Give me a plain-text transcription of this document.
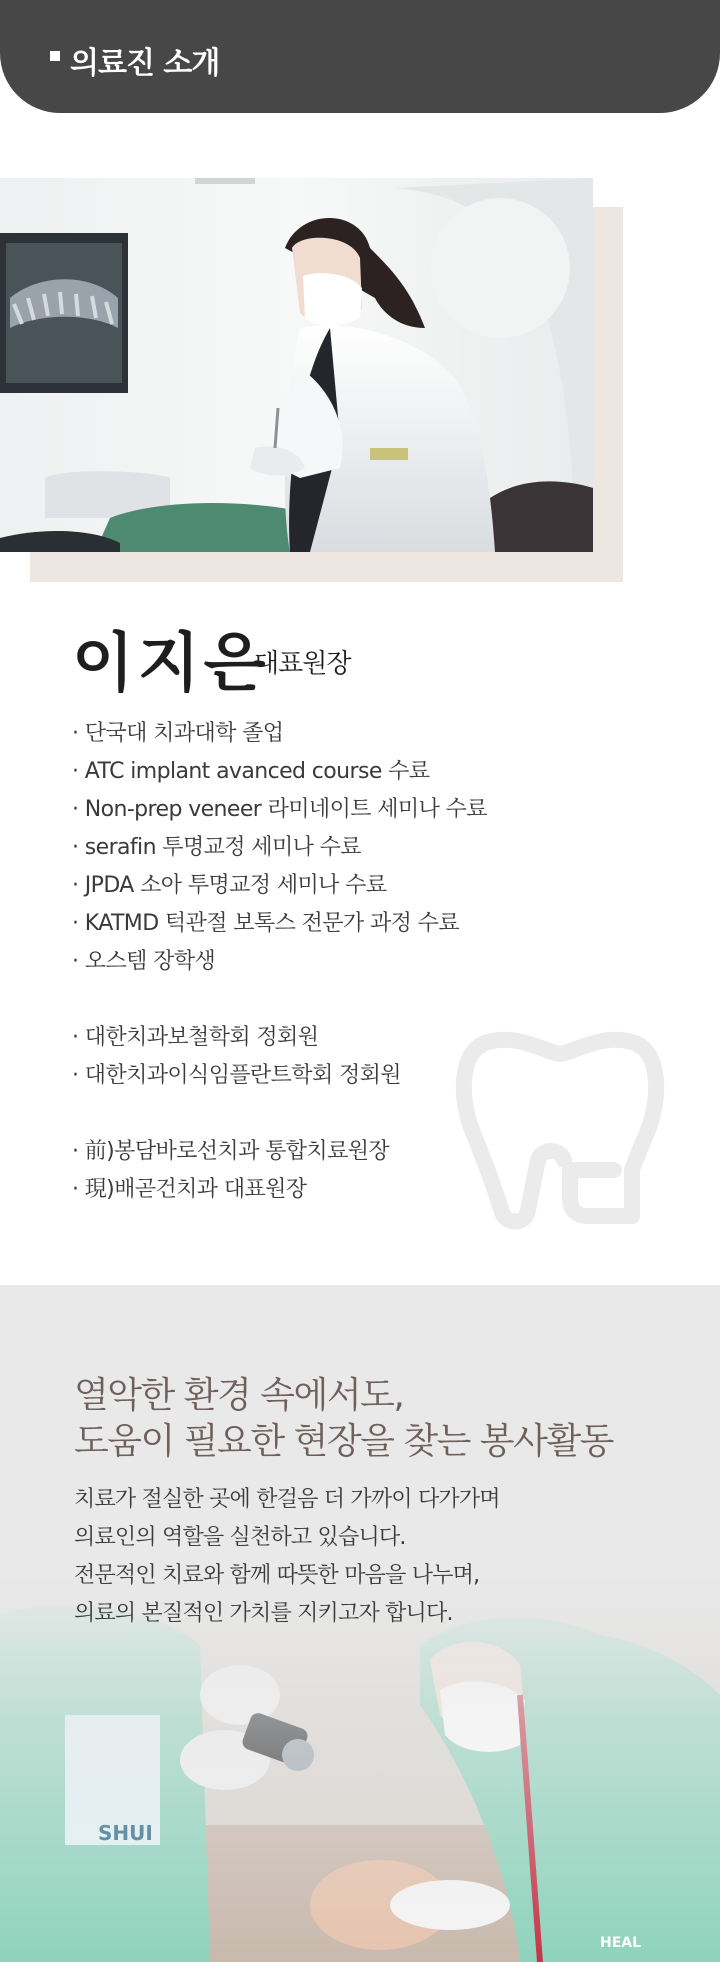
의료진 소개
이지은
대표원장
· 단국대 치과대학 졸업
· ATC implant avanced course 수료
· Non-prep veneer 라미네이트 세미나 수료
· serafin 투명교정 세미나 수료
· JPDA 소아 투명교정 세미나 수료
· KATMD 턱관절 보톡스 전문가 과정 수료
· 오스템 장학생
· 대한치과보철학회 정회원
· 대한치과이식임플란트학회 정회원
· 前)봉담바로선치과 통합치료원장
· 現)배곧건치과 대표원장
열악한 환경 속에서도,
도움이 필요한 현장을 찾는 봉사활동
치료가 절실한 곳에 한걸음 더 가까이 다가가며
의료인의 역할을 실천하고 있습니다.
전문적인 치료와 함께 따뜻한 마음을 나누며,
의료의 본질적인 가치를 지키고자 합니다.
